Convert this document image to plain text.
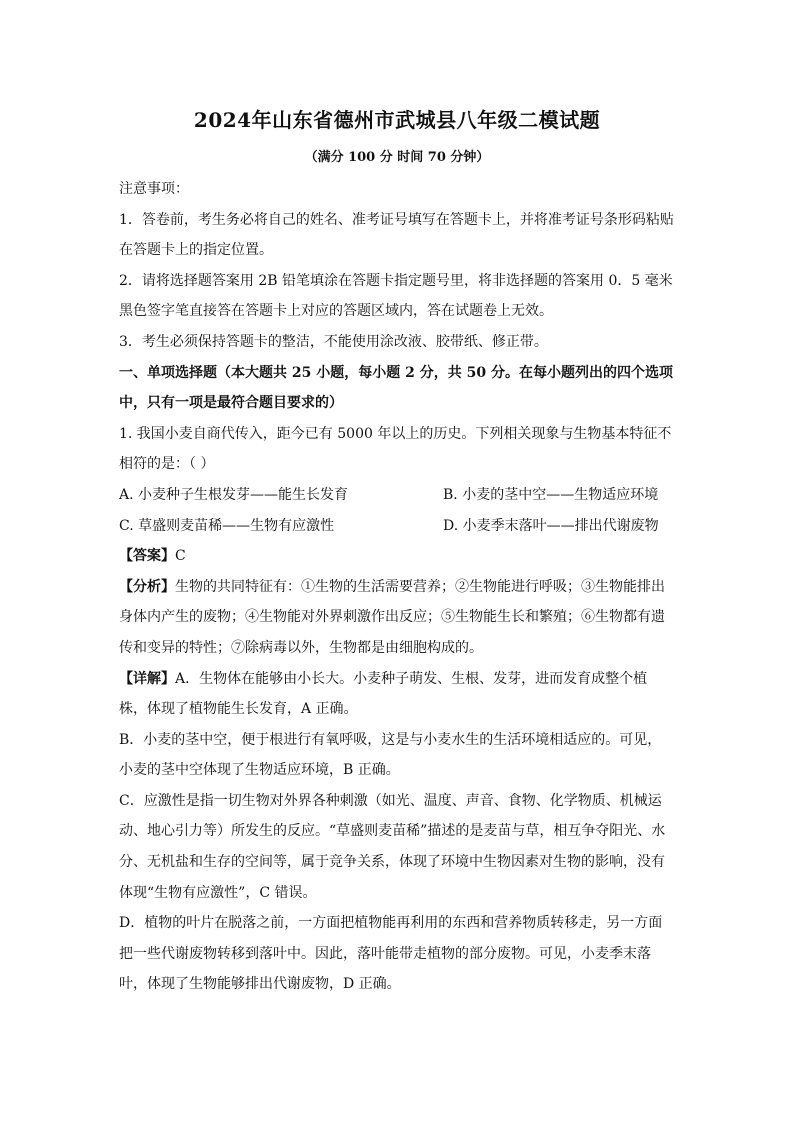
2024年山东省德州市武城县八年级二模试题
（满分 100 分 时间 70 分钟）

注意事项：

1．答卷前，考生务必将自己的姓名、准考证号填写在答题卡上，并将准考证号条形码粘贴

在答题卡上的指定位置。

2．请将选择题答案用 2B 铅笔填涂在答题卡指定题号里，将非选择题的答案用 0．5 毫米

黑色签字笔直接答在答题卡上对应的答题区域内，答在试题卷上无效。

3．考生必须保持答题卡的整洁，不能使用涂改液、胶带纸、修正带。

一、单项选择题（本大题共 25 小题，每小题 2 分，共 50 分。在每小题列出的四个选项

中，只有一项是最符合题目要求的）

1. 我国小麦自商代传入，距今已有 5000 年以上的历史。下列相关现象与生物基本特征不

相符的是：（ ）

A. 小麦种子生根发芽——能生长发育	B. 小麦的茎中空——生物适应环境
C. 草盛则麦苗稀——生物有应激性	D. 小麦季末落叶——排出代谢废物

【答案】C

【分析】生物的共同特征有：①生物的生活需要营养；②生物能进行呼吸；③生物能排出

身体内产生的废物；④生物能对外界刺激作出反应；⑤生物能生长和繁殖；⑥生物都有遗

传和变异的特性；⑦除病毒以外，生物都是由细胞构成的。

【详解】A．生物体在能够由小长大。小麦种子萌发、生根、发芽，进而发育成整个植

株，体现了植物能生长发育，A 正确。

B．小麦的茎中空，便于根进行有氧呼吸，这是与小麦水生的生活环境相适应的。可见，

小麦的茎中空体现了生物适应环境，B 正确。

C．应激性是指一切生物对外界各种刺激（如光、温度、声音、食物、化学物质、机械运

动、地心引力等）所发生的反应。“草盛则麦苗稀”描述的是麦苗与草，相互争夺阳光、水

分、无机盐和生存的空间等，属于竞争关系，体现了环境中生物因素对生物的影响，没有

体现“生物有应激性”，C 错误。

D．植物的叶片在脱落之前，一方面把植物能再利用的东西和营养物质转移走，另一方面

把一些代谢废物转移到落叶中。因此，落叶能带走植物的部分废物。可见，小麦季末落

叶，体现了生物能够排出代谢废物，D 正确。
